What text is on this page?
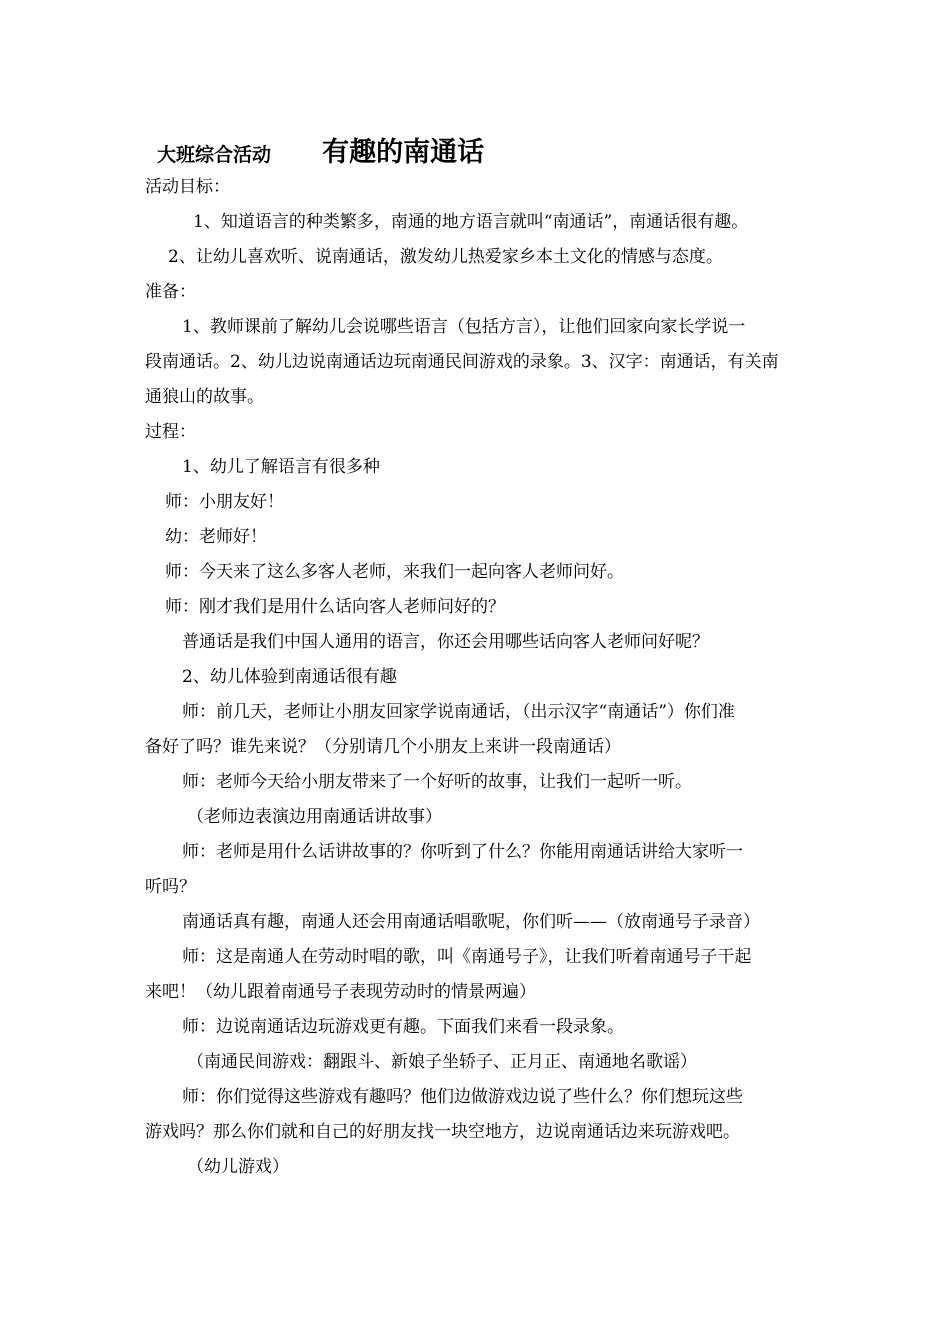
大班综合活动 有趣的南通话
活动目标：
1、知道语言的种类繁多，南通的地方语言就叫“南通话”，南通话很有趣。
2、让幼儿喜欢听、说南通话，激发幼儿热爱家乡本土文化的情感与态度。
准备：
1、教师课前了解幼儿会说哪些语言（包括方言），让他们回家向家长学说一
段南通话。2、幼儿边说南通话边玩南通民间游戏的录象。3、汉字：南通话，有关南
通狼山的故事。
过程：
1、幼儿了解语言有很多种
师：小朋友好！
幼：老师好！
师：今天来了这么多客人老师，来我们一起向客人老师问好。
师：刚才我们是用什么话向客人老师问好的？
普通话是我们中国人通用的语言，你还会用哪些话向客人老师问好呢？
2、幼儿体验到南通话很有趣
师：前几天，老师让小朋友回家学说南通话，（出示汉字“南通话”）你们准
备好了吗？谁先来说？（分别请几个小朋友上来讲一段南通话）
师：老师今天给小朋友带来了一个好听的故事，让我们一起听一听。
（老师边表演边用南通话讲故事）
师：老师是用什么话讲故事的？你听到了什么？你能用南通话讲给大家听一
听吗？
南通话真有趣，南通人还会用南通话唱歌呢，你们听——（放南通号子录音）
师：这是南通人在劳动时唱的歌，叫《南通号子》，让我们听着南通号子干起
来吧！（幼儿跟着南通号子表现劳动时的情景两遍）
师：边说南通话边玩游戏更有趣。下面我们来看一段录象。
（南通民间游戏：翻跟斗、新娘子坐轿子、正月正、南通地名歌谣）
师：你们觉得这些游戏有趣吗？他们边做游戏边说了些什么？你们想玩这些
游戏吗？那么你们就和自己的好朋友找一块空地方，边说南通话边来玩游戏吧。
（幼儿游戏）
